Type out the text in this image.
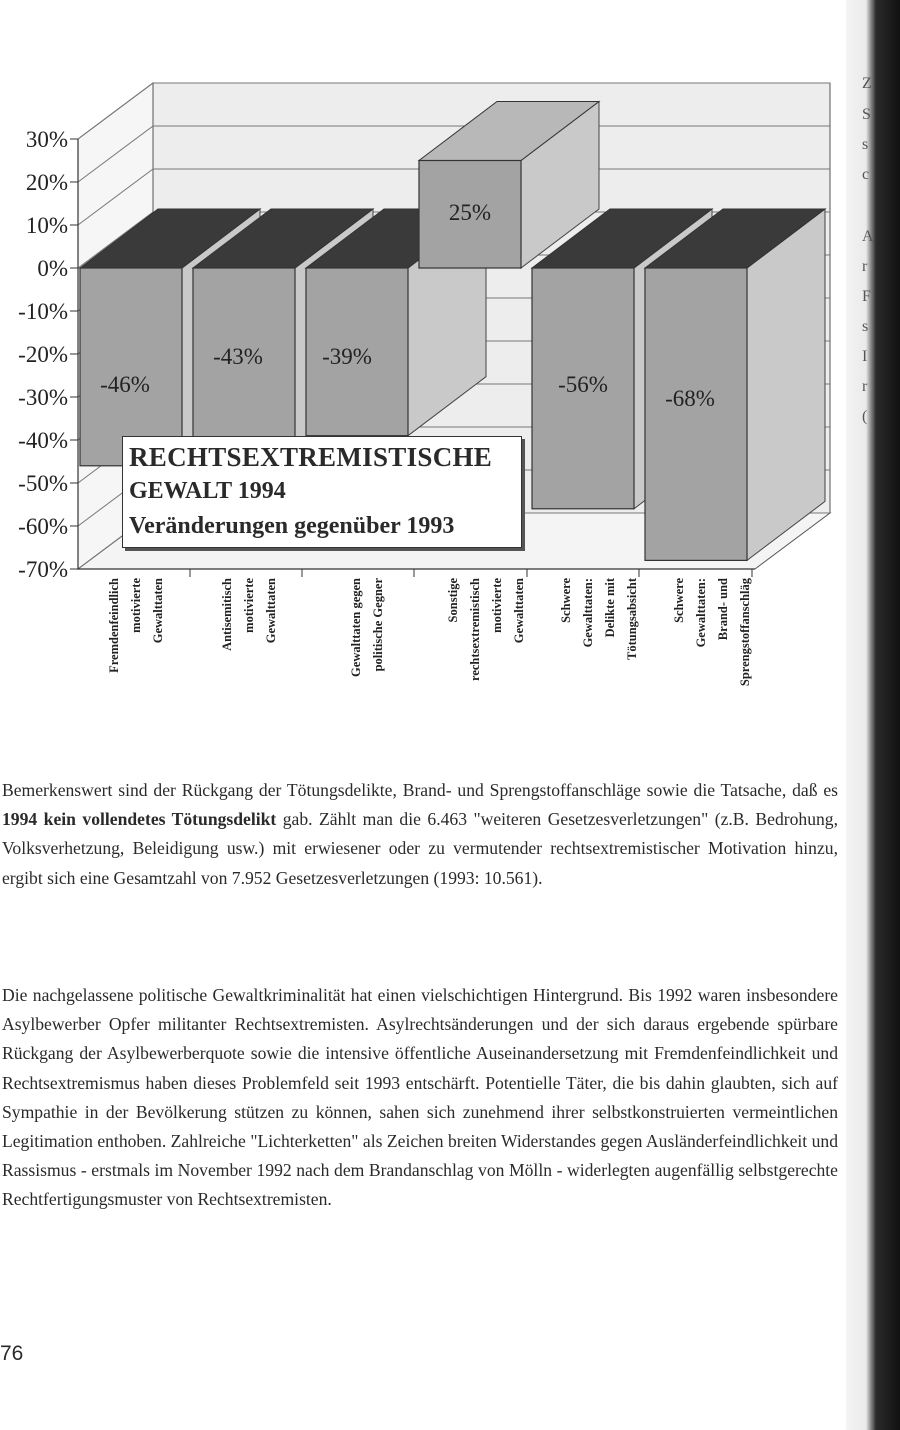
30%
20%
10%
0%
-10%
-20%
-30%
-40%
-50%
-60%
-70%
-46%
-43%	-39%
25%
-56%
-68%
Fremdenfeindlich motivierte Gewalttaten	Antisemitisch motivierte Gewalttaten	Gewalttaten gegen politische Gegner	Sonstige rechtsextremistisch motivierte Gewalttaten	Schwere Gewalttaten: Delikte mit Tötungsabsicht	Schwere Gewalttaten: Brand- und Sprengstoffanschläg
RECHTSEXTREMISTISCHE
GEWALT 1994
Veränderungen gegenüber 1993

Bemerkenswert sind der Rückgang der Tötungsdelikte, Brand- und Sprengstoffanschläge sowie die Tatsache, daß es 1994 kein vollendetes Tötungsdelikt gab. Zählt man die 6.463 "weiteren Gesetzesverletzungen" (z.B. Bedrohung, Volksverhetzung, Beleidigung usw.) mit erwiesener oder zu vermutender rechtsextremistischer Motivation hinzu, ergibt sich eine Gesamtzahl von 7.952 Gesetzesverletzungen (1993: 10.561).

Die nachgelassene politische Gewaltkriminalität hat einen vielschichtigen Hintergrund. Bis 1992 waren insbesondere Asylbewerber Opfer militanter Rechtsextremisten. Asylrechtsänderungen und der sich daraus ergebende spürbare Rückgang der Asylbewerberquote sowie die intensive öffentliche Auseinandersetzung mit Fremdenfeindlichkeit und Rechtsextremismus haben dieses Problemfeld seit 1993 entschärft. Potentielle Täter, die bis dahin glaubten, sich auf Sympathie in der Bevölkerung stützen zu können, sahen sich zunehmend ihrer selbstkonstruierten vermeintlichen Legitimation enthoben. Zahlreiche "Lichterketten" als Zeichen breiten Widerstandes gegen Ausländerfeindlichkeit und Rassismus - erstmals im November 1992 nach dem Brandanschlag von Mölln - widerlegten augenfällig selbstgerechte Rechtfertigungsmuster von Rechtsextremisten.

76
Z
S
s
c
A
r
F
s
I
r
(
